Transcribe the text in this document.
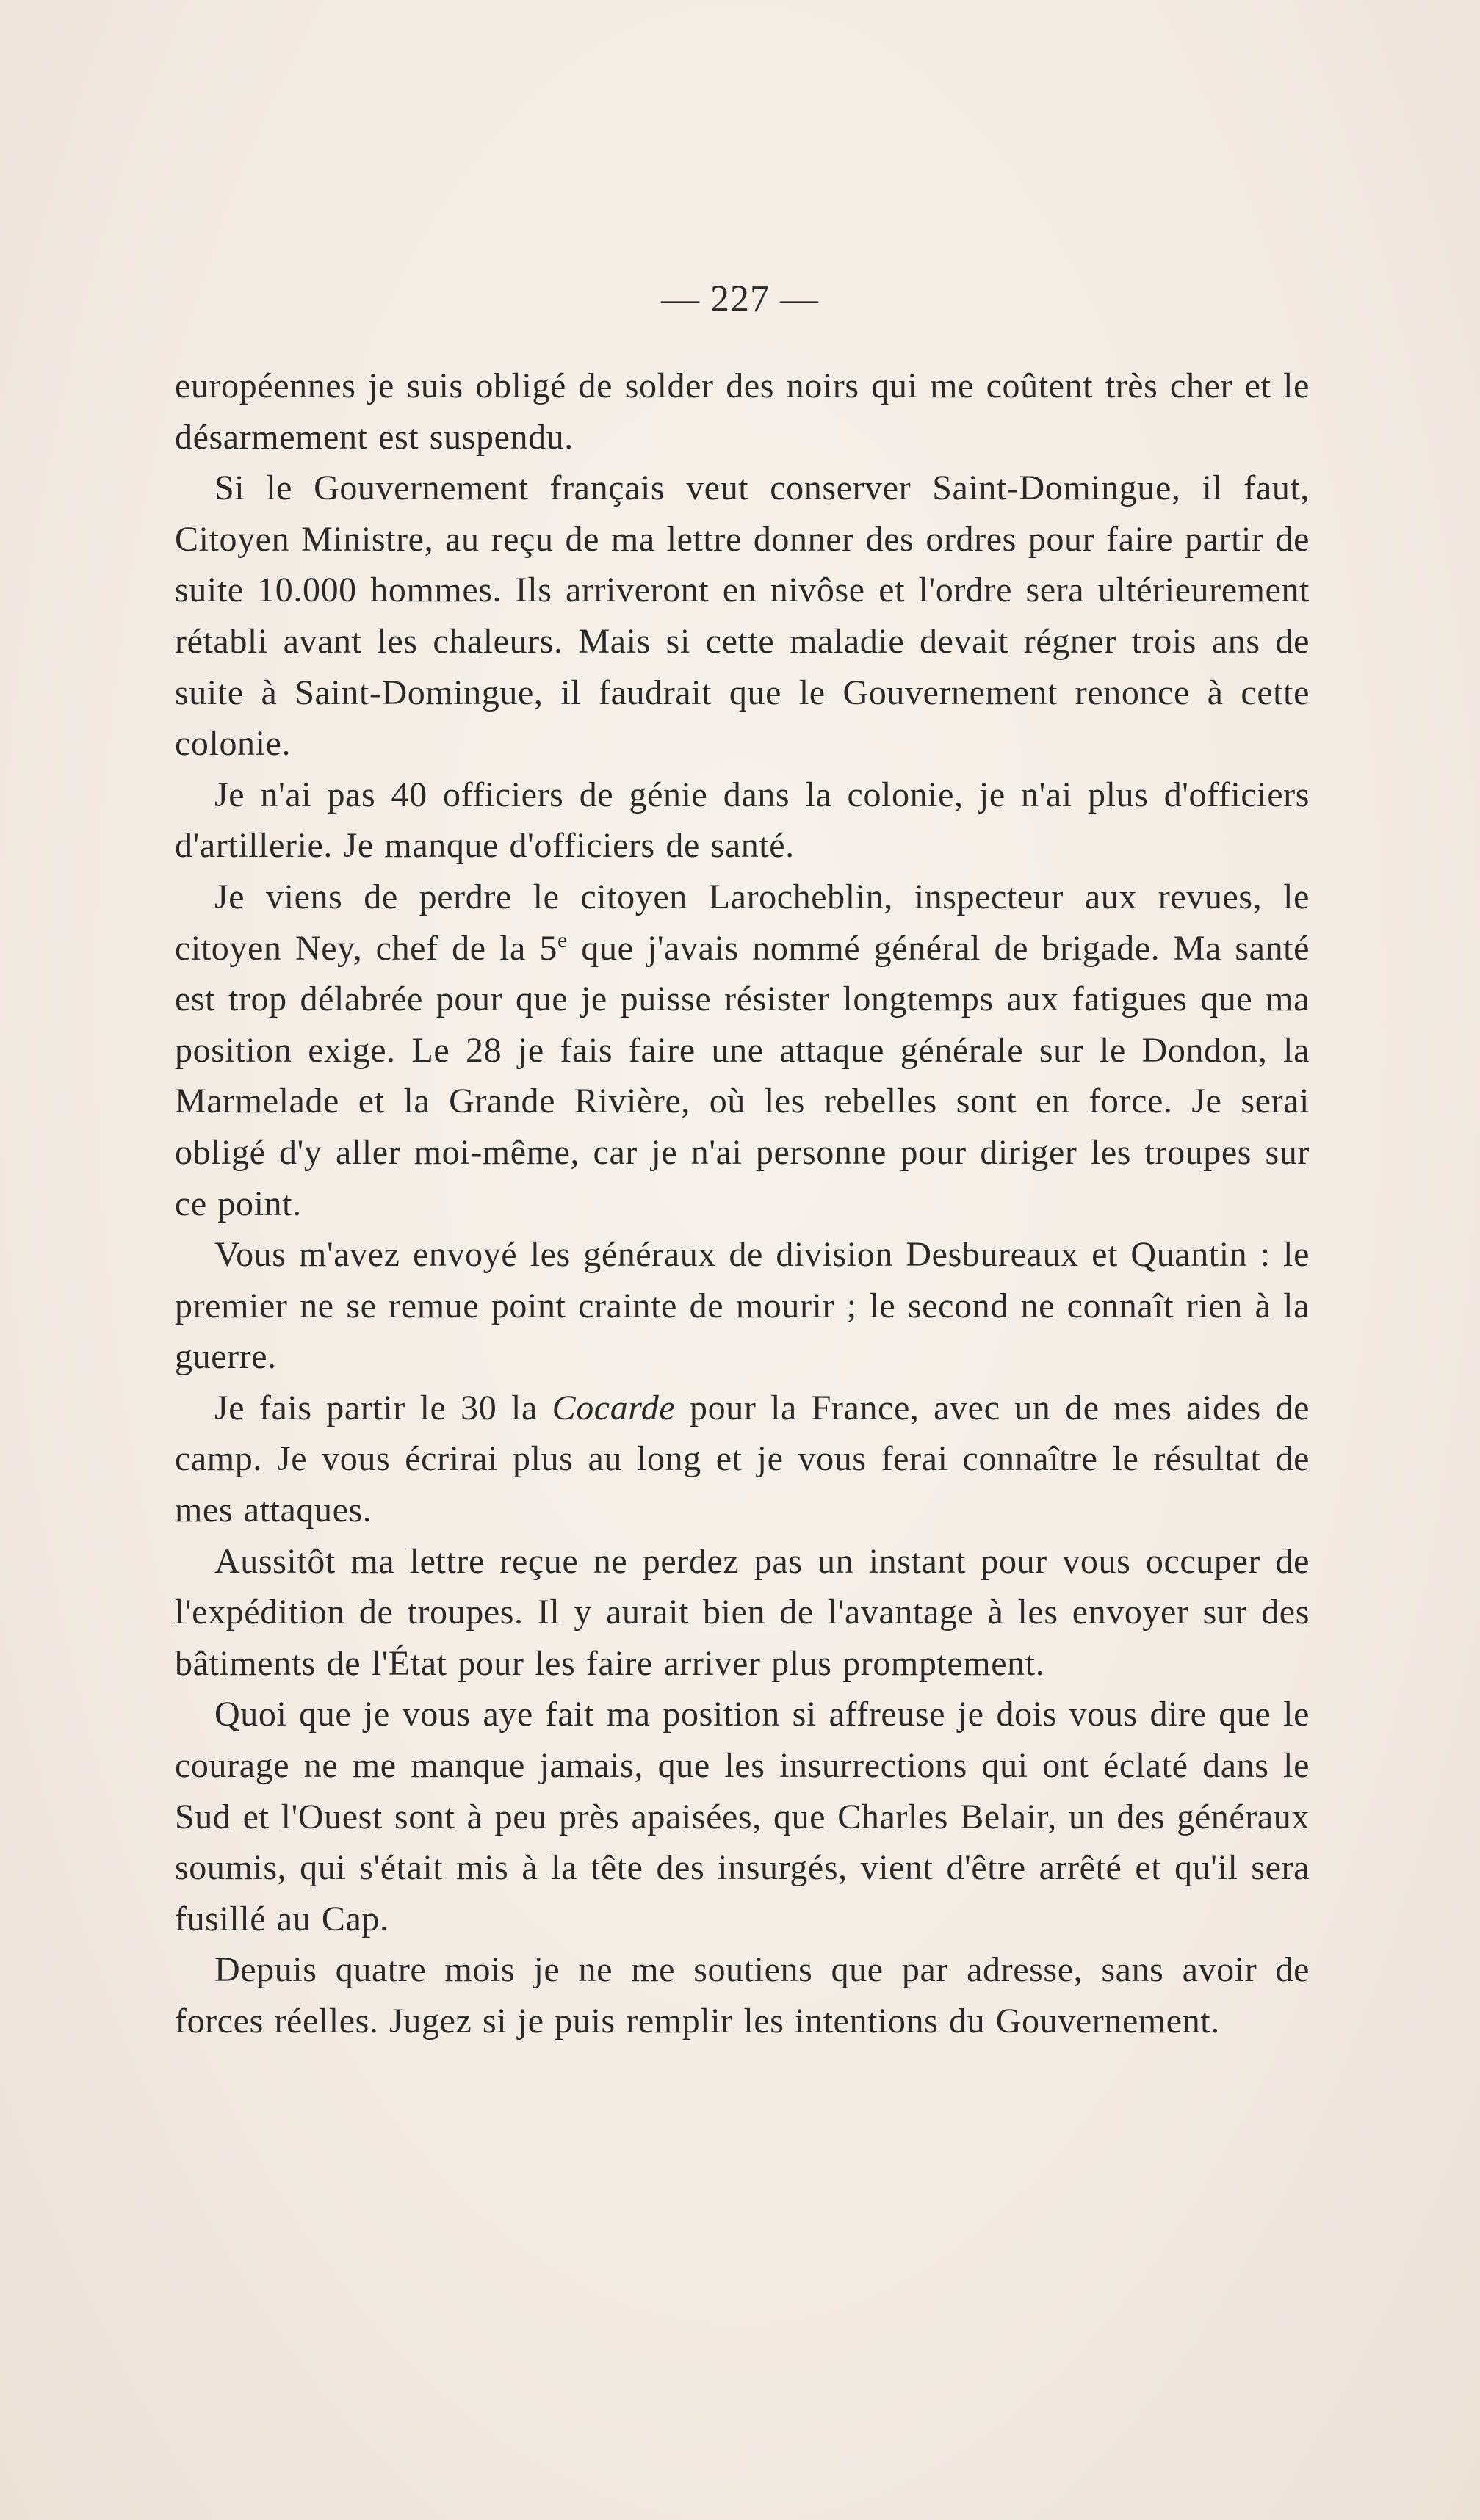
— 227 —

européennes je suis obligé de solder des noirs qui me coûtent très cher et le désarmement est suspendu.

Si le Gouvernement français veut conserver Saint-Domingue, il faut, Citoyen Ministre, au reçu de ma lettre donner des ordres pour faire partir de suite 10.000 hommes. Ils arriveront en nivôse et l'ordre sera ultérieurement rétabli avant les chaleurs. Mais si cette maladie devait régner trois ans de suite à Saint-Domingue, il faudrait que le Gouvernement renonce à cette colonie.

Je n'ai pas 40 officiers de génie dans la colonie, je n'ai plus d'officiers d'artillerie. Je manque d'officiers de santé.

Je viens de perdre le citoyen Larocheblin, inspecteur aux revues, le citoyen Ney, chef de la 5e que j'avais nommé général de brigade. Ma santé est trop délabrée pour que je puisse résister longtemps aux fatigues que ma position exige. Le 28 je fais faire une attaque générale sur le Dondon, la Marmelade et la Grande Rivière, où les rebelles sont en force. Je serai obligé d'y aller moi-même, car je n'ai personne pour diriger les troupes sur ce point.

Vous m'avez envoyé les généraux de division Desbureaux et Quantin : le premier ne se remue point crainte de mourir ; le second ne connaît rien à la guerre.

Je fais partir le 30 la Cocarde pour la France, avec un de mes aides de camp. Je vous écrirai plus au long et je vous ferai connaître le résultat de mes attaques.

Aussitôt ma lettre reçue ne perdez pas un instant pour vous occuper de l'expédition de troupes. Il y aurait bien de l'avantage à les envoyer sur des bâtiments de l'État pour les faire arriver plus promptement.

Quoi que je vous aye fait ma position si affreuse je dois vous dire que le courage ne me manque jamais, que les insurrections qui ont éclaté dans le Sud et l'Ouest sont à peu près apaisées, que Charles Belair, un des généraux soumis, qui s'était mis à la tête des insurgés, vient d'être arrêté et qu'il sera fusillé au Cap.

Depuis quatre mois je ne me soutiens que par adresse, sans avoir de forces réelles. Jugez si je puis remplir les intentions du Gouvernement.
